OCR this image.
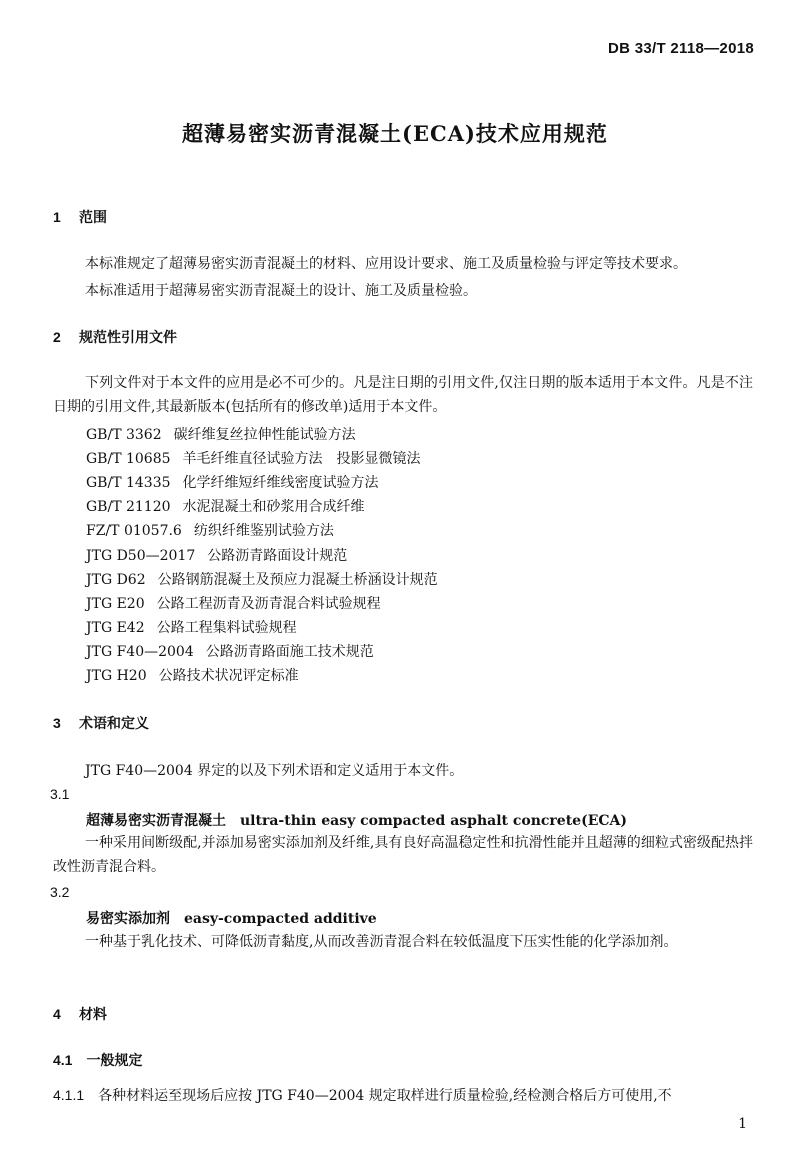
DB 33/T 2118—2018
超薄易密实沥青混凝土(ECA)技术应用规范
1 范围
本标准规定了超薄易密实沥青混凝土的材料、应用设计要求、施工及质量检验与评定等技术要求。
本标准适用于超薄易密实沥青混凝土的设计、施工及质量检验。
2 规范性引用文件
下列文件对于本文件的应用是必不可少的。凡是注日期的引用文件,仅注日期的版本适用于本文件。凡是不注日期的引用文件,其最新版本(包括所有的修改单)适用于本文件。
GB/T 3362 碳纤维复丝拉伸性能试验方法
GB/T 10685 羊毛纤维直径试验方法　投影显微镜法
GB/T 14335 化学纤维短纤维线密度试验方法
GB/T 21120 水泥混凝土和砂浆用合成纤维
FZ/T 01057.6 纺织纤维鉴别试验方法
JTG D50—2017 公路沥青路面设计规范
JTG D62 公路钢筋混凝土及预应力混凝土桥涵设计规范
JTG E20 公路工程沥青及沥青混合料试验规程
JTG E42 公路工程集料试验规程
JTG F40—2004 公路沥青路面施工技术规范
JTG H20 公路技术状况评定标准
3 术语和定义
JTG F40—2004 界定的以及下列术语和定义适用于本文件。
3.1
超薄易密实沥青混凝土 ultra-thin easy compacted asphalt concrete(ECA)
一种采用间断级配,并添加易密实添加剂及纤维,具有良好高温稳定性和抗滑性能并且超薄的细粒式密级配热拌改性沥青混合料。
3.2
易密实添加剂 easy-compacted additive
一种基于乳化技术、可降低沥青黏度,从而改善沥青混合料在较低温度下压实性能的化学添加剂。
4 材料
4.1 一般规定
4.1.1 各种材料运至现场后应按 JTG F40—2004 规定取样进行质量检验,经检测合格后方可使用,不
1
